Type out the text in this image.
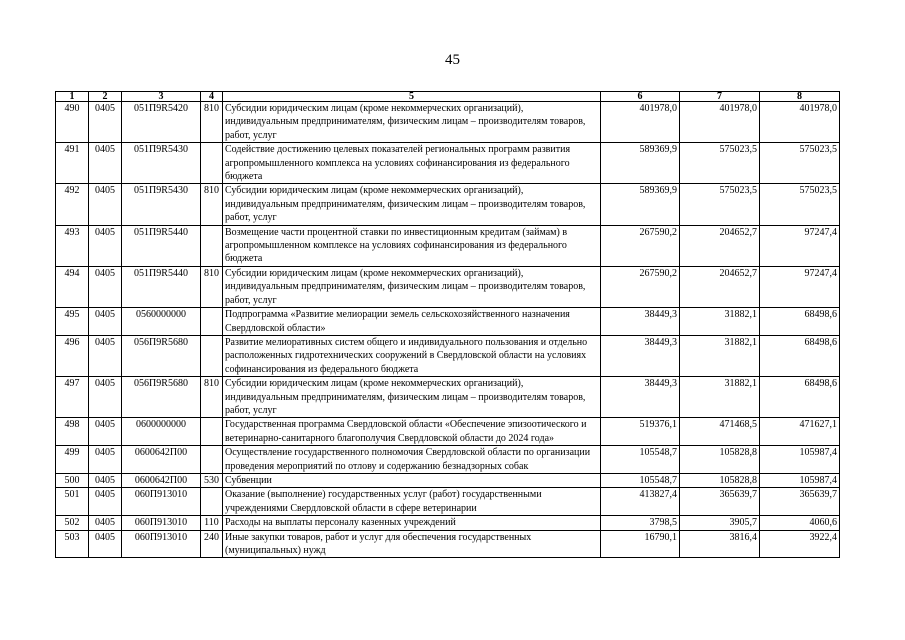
45
1	2	3	4	5	6	7	8
490	0405	051П9R5420	810	Субсидии юридическим лицам (кроме некоммерческих организаций), индивидуальным предпринимателям, физическим лицам – производителям товаров, работ, услуг	401978,0	401978,0	401978,0
491	0405	051П9R5430		Содействие достижению целевых показателей региональных программ развития агропромышленного комплекса на условиях софинансирования из федерального бюджета	589369,9	575023,5	575023,5
492	0405	051П9R5430	810	Субсидии юридическим лицам (кроме некоммерческих организаций), индивидуальным предпринимателям, физическим лицам – производителям товаров, работ, услуг	589369,9	575023,5	575023,5
493	0405	051П9R5440		Возмещение части процентной ставки по инвестиционным кредитам (займам) в агропромышленном комплексе на условиях софинансирования из федерального бюджета	267590,2	204652,7	97247,4
494	0405	051П9R5440	810	Субсидии юридическим лицам (кроме некоммерческих организаций), индивидуальным предпринимателям, физическим лицам – производителям товаров, работ, услуг	267590,2	204652,7	97247,4
495	0405	0560000000		Подпрограмма «Развитие мелиорации земель сельскохозяйственного назначения Свердловской области»	38449,3	31882,1	68498,6
496	0405	056П9R5680		Развитие мелиоративных систем общего и индивидуального пользования и отдельно расположенных гидротехнических сооружений в Свердловской области на условиях софинансирования из федерального бюджета	38449,3	31882,1	68498,6
497	0405	056П9R5680	810	Субсидии юридическим лицам (кроме некоммерческих организаций), индивидуальным предпринимателям, физическим лицам – производителям товаров, работ, услуг	38449,3	31882,1	68498,6
498	0405	0600000000		Государственная программа Свердловской области «Обеспечение эпизоотического и ветеринарно-санитарного благополучия Свердловской области до 2024 года»	519376,1	471468,5	471627,1
499	0405	0600642П00		Осуществление государственного полномочия Свердловской области по организации проведения мероприятий по отлову и содержанию безнадзорных собак	105548,7	105828,8	105987,4
500	0405	0600642П00	530	Субвенции	105548,7	105828,8	105987,4
501	0405	060П913010		Оказание (выполнение) государственных услуг (работ) государственными учреждениями Свердловской области в сфере ветеринарии	413827,4	365639,7	365639,7
502	0405	060П913010	110	Расходы на выплаты персоналу казенных учреждений	3798,5	3905,7	4060,6
503	0405	060П913010	240	Иные закупки товаров, работ и услуг для обеспечения государственных (муниципальных) нужд	16790,1	3816,4	3922,4
